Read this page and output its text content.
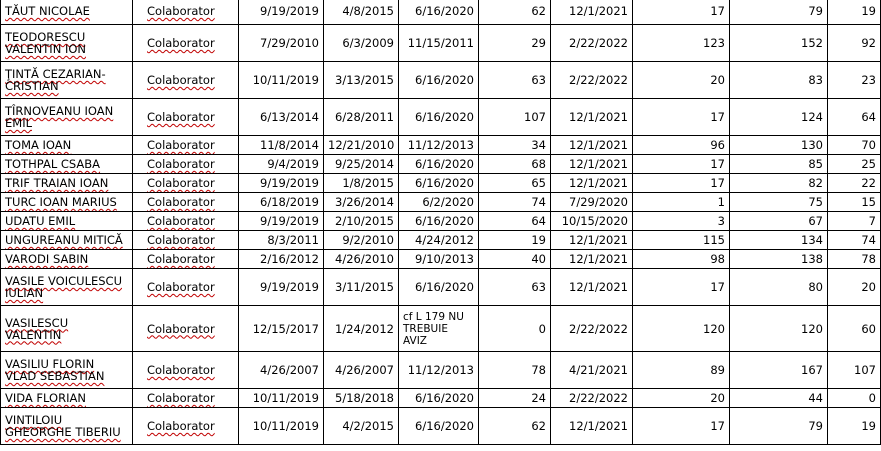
TĂUT NICOLAE	Colaborator	9/19/2019	4/8/2015	6/16/2020	62	12/1/2021	17	79	19
TEODORESCU VALENTIN ION	Colaborator	7/29/2010	6/3/2009	11/15/2011	29	2/22/2022	123	152	92
ŢINTĂ CEZARIAN-CRISTIAN	Colaborator	10/11/2019	3/13/2015	6/16/2020	63	2/22/2022	20	83	23
TÎRNOVEANU IOAN EMIL	Colaborator	6/13/2014	6/28/2011	6/16/2020	107	12/1/2021	17	124	64
TOMA IOAN	Colaborator	11/8/2014	12/21/2010	11/12/2013	34	12/1/2021	96	130	70
TOTHPAL CSABA	Colaborator	9/4/2019	9/25/2014	6/16/2020	68	12/1/2021	17	85	25
TRIF TRAIAN IOAN	Colaborator	9/19/2019	1/8/2015	6/16/2020	65	12/1/2021	17	82	22
TURC IOAN MARIUS	Colaborator	6/18/2019	3/26/2014	6/2/2020	74	7/29/2020	1	75	15
UDATU EMIL	Colaborator	9/19/2019	2/10/2015	6/16/2020	64	10/15/2020	3	67	7
UNGUREANU MITICĂ	Colaborator	8/3/2011	9/2/2010	4/24/2012	19	12/1/2021	115	134	74
VARODI SABIN	Colaborator	2/16/2012	4/26/2010	9/10/2013	40	12/1/2021	98	138	78
VASILE VOICULESCU IULIAN	Colaborator	9/19/2019	3/11/2015	6/16/2020	63	12/1/2021	17	80	20
VASILESCU VALENTIN	Colaborator	12/15/2017	1/24/2012	cf L 179 NU TREBUIE AVIZ	0	2/22/2022	120	120	60
VASILIU FLORIN VLAD SEBASTIAN	Colaborator	4/26/2007	4/26/2007	11/12/2013	78	4/21/2021	89	167	107
VIDA FLORIAN	Colaborator	10/11/2019	5/18/2018	6/16/2020	24	2/22/2022	20	44	0
VINTILOIU GHEORGHE TIBERIU	Colaborator	10/11/2019	4/2/2015	6/16/2020	62	12/1/2021	17	79	19
